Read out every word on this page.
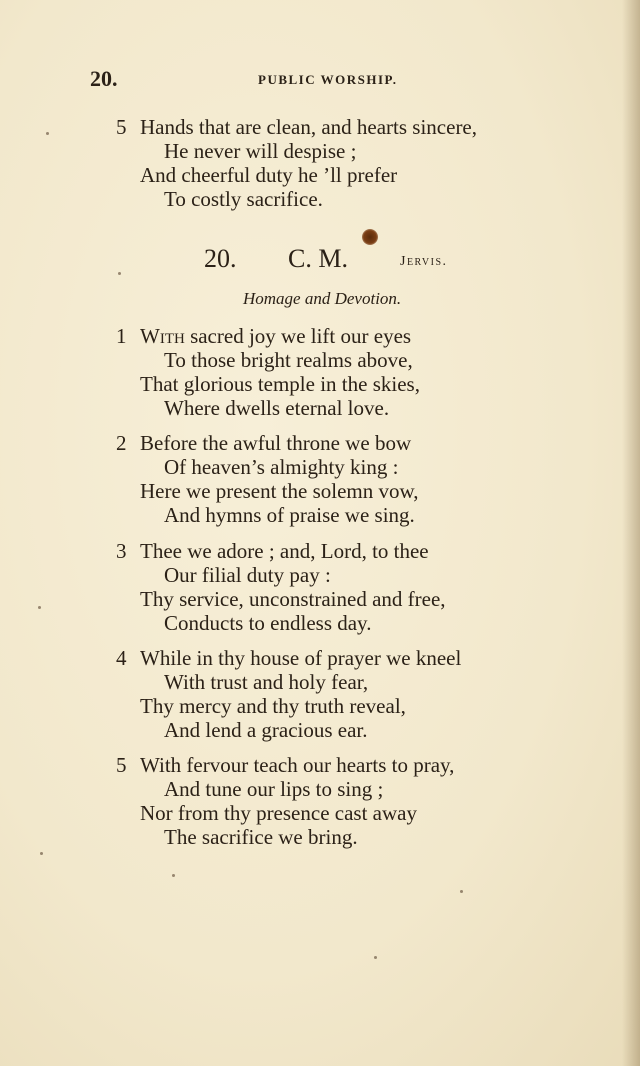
20.	PUBLIC WORSHIP.
5 Hands that are clean, and hearts sincere,
He never will despise ;
And cheerful duty he ’ll prefer
To costly sacrifice.
20. C. M.	Jervis.
Homage and Devotion.
1 With sacred joy we lift our eyes
To those bright realms above,
That glorious temple in the skies,
Where dwells eternal love.
2 Before the awful throne we bow
Of heaven’s almighty king :
Here we present the solemn vow,
And hymns of praise we sing.
3 Thee we adore ; and, Lord, to thee
Our filial duty pay :
Thy service, unconstrained and free,
Conducts to endless day.
4 While in thy house of prayer we kneel
With trust and holy fear,
Thy mercy and thy truth reveal,
And lend a gracious ear.
5 With fervour teach our hearts to pray,
And tune our lips to sing ;
Nor from thy presence cast away
The sacrifice we bring.
